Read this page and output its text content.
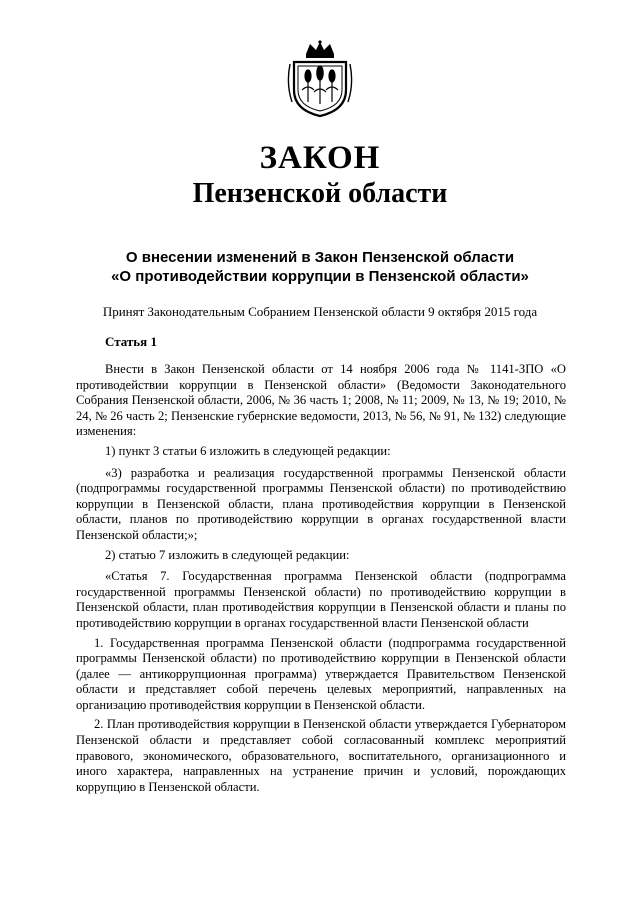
ЗАКОН
Пензенской области
О внесении изменений в Закон Пензенской области
«О противодействии коррупции в Пензенской области»
Принят Законодательным Собранием Пензенской области 9 октября 2015 года
Статья 1

Внести в Закон Пензенской области от 14 ноября 2006 года № 1141-ЗПО «О противодействии коррупции в Пензенской области» (Ведомости Законодательного Собрания Пензенской области, 2006, № 36 часть 1; 2008, № 11; 2009, № 13, № 19; 2010, № 24, № 26 часть 2; Пензенские губернские ведомости, 2013, № 56, № 91, № 132) следующие изменения:

1) пункт 3 статьи 6 изложить в следующей редакции:

«3) разработка и реализация государственной программы Пензенской области (подпрограммы государственной программы Пензенской области) по противодействию коррупции в Пензенской области, плана противодействия коррупции в Пензенской области, планов по противодействию коррупции в органах государственной власти Пензенской области;»;

2) статью 7 изложить в следующей редакции:

«Статья 7. Государственная программа Пензенской области (подпрограмма государственной программы Пензенской области) по противодействию коррупции в Пензенской области, план противодействия коррупции в Пензенской области и планы по противодействию коррупции в органах государственной власти Пензенской области

1. Государственная программа Пензенской области (подпрограмма государственной программы Пензенской области) по противодействию коррупции в Пензенской области (далее — антикоррупционная программа) утверждается Правительством Пензенской области и представляет собой перечень целевых мероприятий, направленных на организацию противодействия коррупции в Пензенской области.

2. План противодействия коррупции в Пензенской области утверждается Губернатором Пензенской области и представляет собой согласованный комплекс мероприятий правового, экономического, образовательного, воспитательного, организационного и иного характера, направленных на устранение причин и условий, порождающих коррупцию в Пензенской области.
